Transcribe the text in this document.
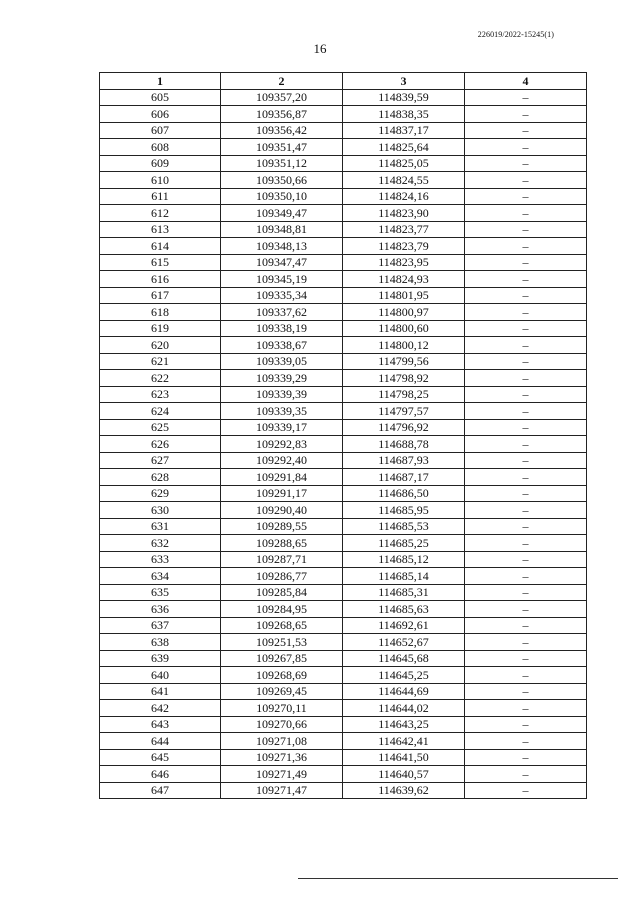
226019/2022-15245(1)
16
1	2	3	4
605	109357,20	114839,59	–
606	109356,87	114838,35	–
607	109356,42	114837,17	–
608	109351,47	114825,64	–
609	109351,12	114825,05	–
610	109350,66	114824,55	–
611	109350,10	114824,16	–
612	109349,47	114823,90	–
613	109348,81	114823,77	–
614	109348,13	114823,79	–
615	109347,47	114823,95	–
616	109345,19	114824,93	–
617	109335,34	114801,95	–
618	109337,62	114800,97	–
619	109338,19	114800,60	–
620	109338,67	114800,12	–
621	109339,05	114799,56	–
622	109339,29	114798,92	–
623	109339,39	114798,25	–
624	109339,35	114797,57	–
625	109339,17	114796,92	–
626	109292,83	114688,78	–
627	109292,40	114687,93	–
628	109291,84	114687,17	–
629	109291,17	114686,50	–
630	109290,40	114685,95	–
631	109289,55	114685,53	–
632	109288,65	114685,25	–
633	109287,71	114685,12	–
634	109286,77	114685,14	–
635	109285,84	114685,31	–
636	109284,95	114685,63	–
637	109268,65	114692,61	–
638	109251,53	114652,67	–
639	109267,85	114645,68	–
640	109268,69	114645,25	–
641	109269,45	114644,69	–
642	109270,11	114644,02	–
643	109270,66	114643,25	–
644	109271,08	114642,41	–
645	109271,36	114641,50	–
646	109271,49	114640,57	–
647	109271,47	114639,62	–
